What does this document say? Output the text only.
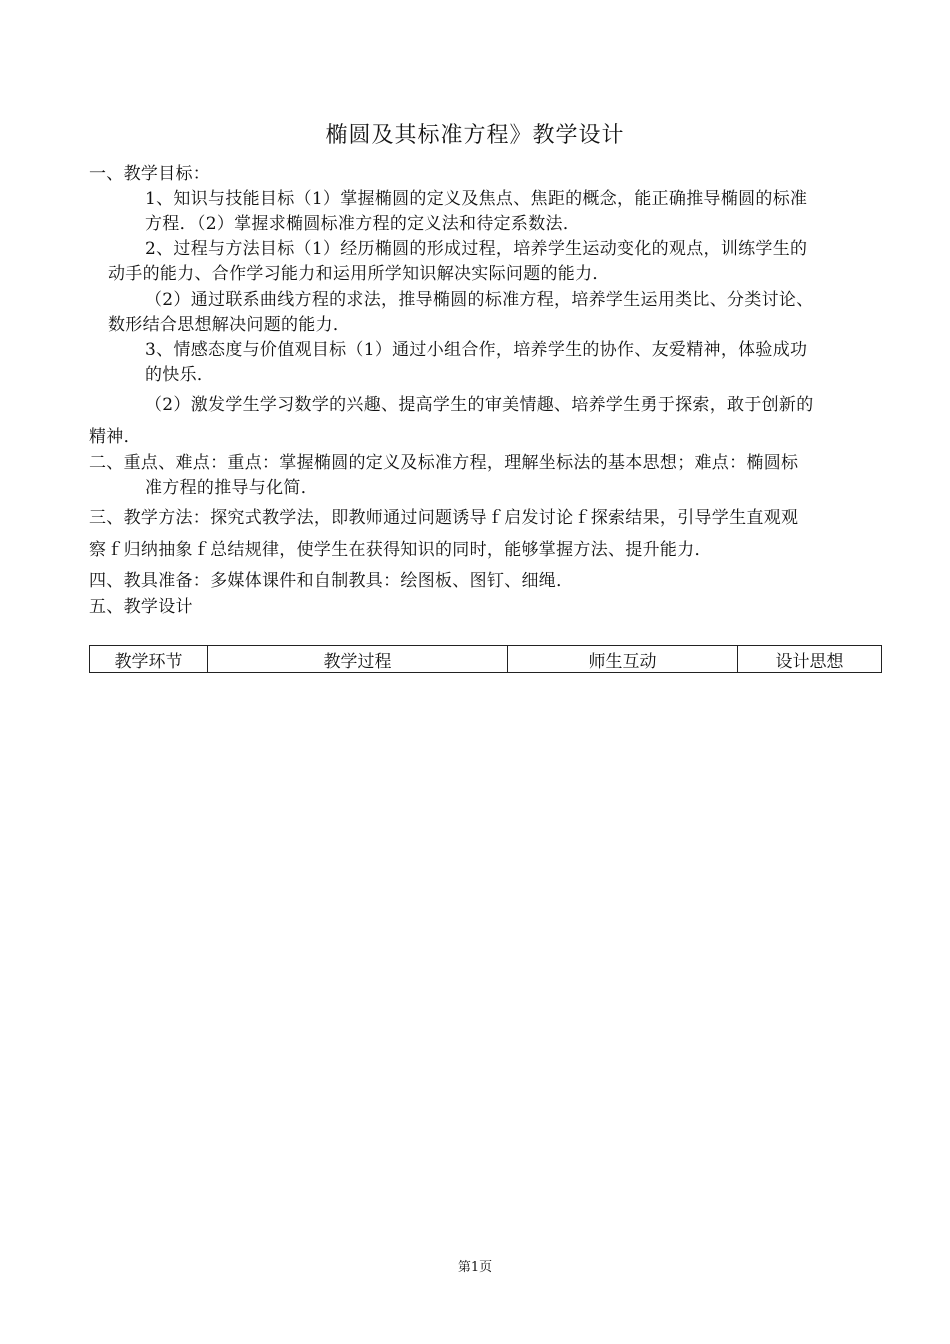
椭圆及其标准方程》教学设计
一、教学目标：
1、知识与技能目标（1）掌握椭圆的定义及焦点、焦距的概念，能正确推导椭圆的标准
方程．（2）掌握求椭圆标准方程的定义法和待定系数法．
2、过程与方法目标（1）经历椭圆的形成过程，培养学生运动变化的观点，训练学生的
动手的能力、合作学习能力和运用所学知识解决实际问题的能力．
（2）通过联系曲线方程的求法，推导椭圆的标准方程，培养学生运用类比、分类讨论、
数形结合思想解决问题的能力．
3、情感态度与价值观目标（1）通过小组合作，培养学生的协作、友爱精神，体验成功
的快乐．
（2）激发学生学习数学的兴趣、提高学生的审美情趣、培养学生勇于探索，敢于创新的
精神．
二、重点、难点：重点：掌握椭圆的定义及标准方程，理解坐标法的基本思想；难点：椭圆标
准方程的推导与化简．
三、教学方法：探究式教学法，即教师通过问题诱导ｆ启发讨论ｆ探索结果，引导学生直观观
察ｆ归纳抽象ｆ总结规律，使学生在获得知识的同时，能够掌握方法、提升能力．
四、教具准备：多媒体课件和自制教具：绘图板、图钉、细绳．
五、教学设计
教学环节	教学过程	师生互动	设计思想
第1页
